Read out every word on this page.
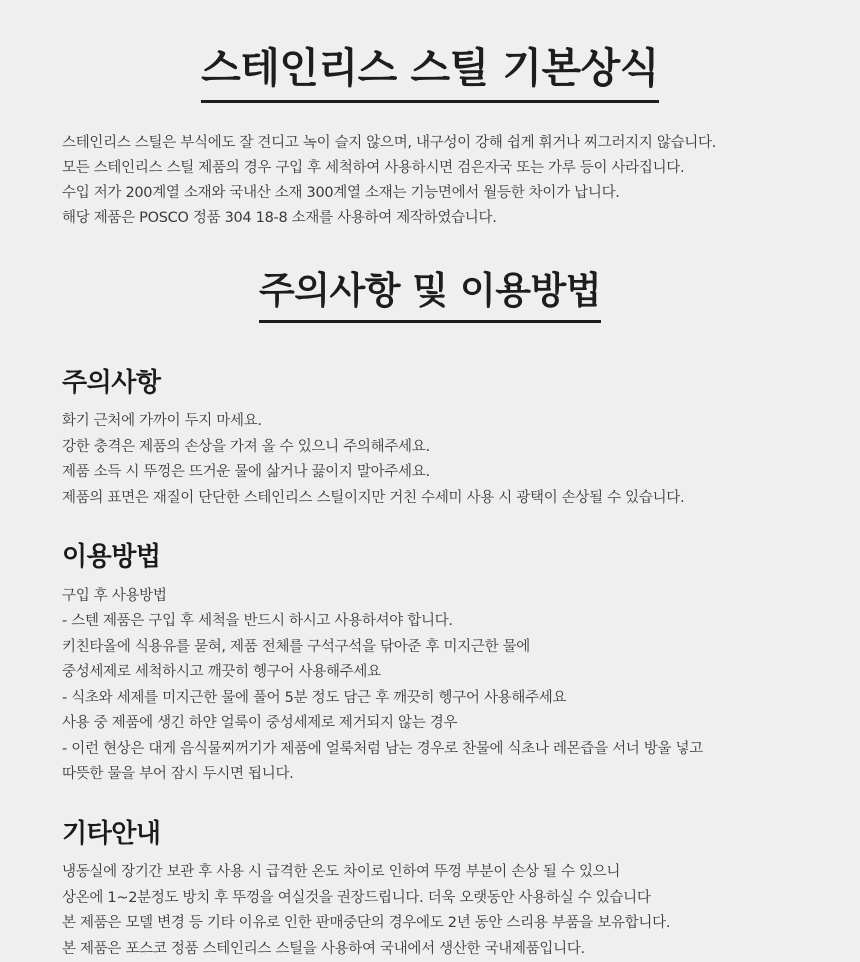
스테인리스 스틸 기본상식
스테인리스 스틸은 부식에도 잘 견디고 녹이 슬지 않으며, 내구성이 강해 쉽게 휘거나 찌그러지지 않습니다.
모든 스테인리스 스틸 제품의 경우 구입 후 세척하여 사용하시면 검은자국 또는 가루 등이 사라집니다.
수입 저가 200계열 소재와 국내산 소재 300계열 소재는 기능면에서 월등한 차이가 납니다.
해당 제품은 POSCO 정품 304 18-8 소재를 사용하여 제작하였습니다.
주의사항 및 이용방법
주의사항
화기 근처에 가까이 두지 마세요.
강한 충격은 제품의 손상을 가져 올 수 있으니 주의해주세요.
제품 소득 시 뚜껑은 뜨거운 물에 삶거나 끓이지 말아주세요.
제품의 표면은 재질이 단단한 스테인리스 스틸이지만 거친 수세미 사용 시 광택이 손상될 수 있습니다.
이용방법
구입 후 사용방법
- 스텐 제품은 구입 후 세척을 반드시 하시고 사용하셔야 합니다.
키친타올에 식용유를 묻혀, 제품 전체를 구석구석을 닦아준 후 미지근한 물에
중성세제로 세척하시고 깨끗히 헹구어 사용해주세요
- 식초와 세제를 미지근한 물에 풀어 5분 정도 담근 후 깨끗히 헹구어 사용해주세요
사용 중 제품에 생긴 하얀 얼룩이 중성세제로 제거되지 않는 경우
- 이런 현상은 대게 음식물찌꺼기가 제품에 얼룩처럼 남는 경우로 찬물에 식초나 레몬즙을 서너 방울 넣고
따뜻한 물을 부어 잠시 두시면 됩니다.
기타안내
냉동실에 장기간 보관 후 사용 시 급격한 온도 차이로 인하여 뚜껑 부분이 손상 될 수 있으니
상온에 1~2분정도 방치 후 뚜껑을 여실것을 권장드립니다. 더욱 오랫동안 사용하실 수 있습니다
본 제품은 모델 변경 등 기타 이유로 인한 판매중단의 경우에도 2년 동안 스리용 부품을 보유합니다.
본 제품은 포스코 정품 스테인리스 스틸을 사용하여 국내에서 생산한 국내제품입니다.
